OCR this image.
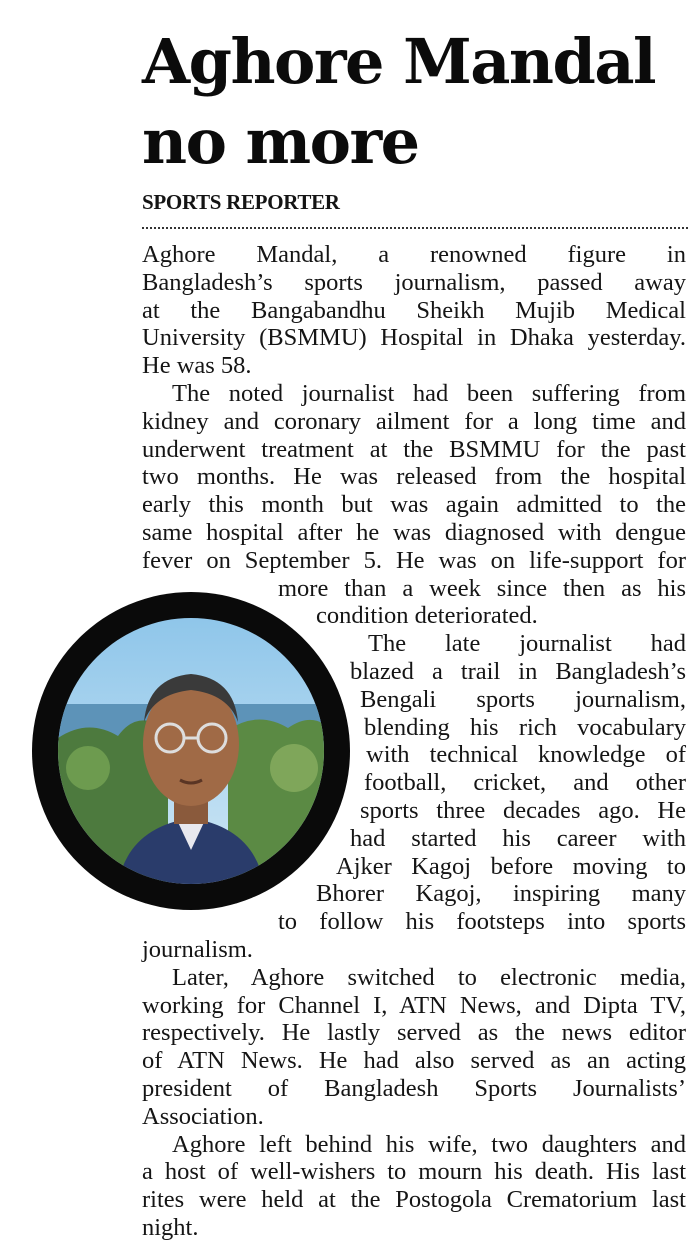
Aghore Mandal
no more
SPORTS REPORTER
Aghore Mandal, a renowned figure in
Bangladesh’s sports journalism, passed away
at the Bangabandhu Sheikh Mujib Medical
University (BSMMU) Hospital in Dhaka yesterday.
He was 58.
The noted journalist had been suffering from
kidney and coronary ailment for a long time and
underwent treatment at the BSMMU for the past
two months. He was released from the hospital
early this month but was again admitted to the
same hospital after he was diagnosed with dengue
fever on September 5. He was on life-support for
more than a week since then as his
condition deteriorated.
The late journalist had
blazed a trail in Bangladesh’s
Bengali sports journalism,
blending his rich vocabulary
with technical knowledge of
football, cricket, and other
sports three decades ago. He
had started his career with
Ajker Kagoj before moving to
Bhorer Kagoj, inspiring many
to follow his footsteps into sports
journalism.
Later, Aghore switched to electronic media,
working for Channel I, ATN News, and Dipta TV,
respectively. He lastly served as the news editor
of ATN News. He had also served as an acting
president of Bangladesh Sports Journalists’
Association.
Aghore left behind his wife, two daughters and
a host of well-wishers to mourn his death. His last
rites were held at the Postogola Crematorium last
night.
